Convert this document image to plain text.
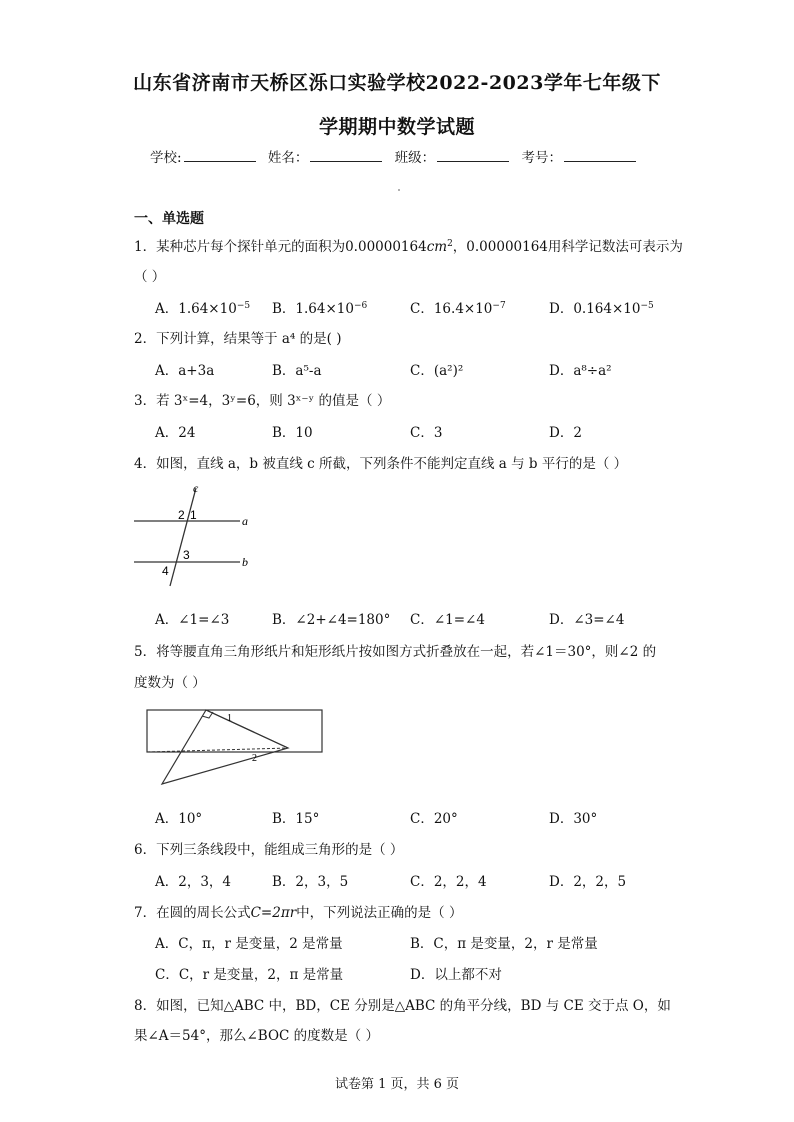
山东省济南市天桥区泺口实验学校2022-2023学年七年级下
学期期中数学试题
学校:	姓名：	班级：	考号：
一、单选题
1．某种芯片每个探针单元的面积为$0.00000164cm^2$，0.00000164用科学记数法可表示为
（ ）
A．$1.64\times 10^{-5}$ B．$1.64\times 10^{-6}$	C．$16.4\times 10^{-7}$	D．$0.164\times 10^{-5}$
2．下列计算，结果等于 a⁴ 的是( )
A．a+3a	B．a⁵-a	C．(a²)²	D．a⁸÷a²
3．若 3ˣ=4，3ʸ=6，则 3ˣ⁻ʸ 的值是（ ）
A．24	B．10	C．3	D．2
4．如图，直线 a，b 被直线 c 所截，下列条件不能判定直线 a 与 b 平行的是（ ）
c
a
b
2 1
3
4
A．∠1=∠3	B．∠2+∠4=180° C．∠1=∠4	D．∠3=∠4
5．将等腰直角三角形纸片和矩形纸片按如图方式折叠放在一起，若∠1＝30°，则∠2 的
度数为（ ）
1
2
A．10°	B．15°	C．20°	D．30°
6．下列三条线段中，能组成三角形的是（ ）
A．2，3，4	B．2，3，5	C．2，2，4	D．2，2，5
7．在圆的周长公式C=2πr中，下列说法正确的是（ ）
A．C，π，r 是变量，2 是常量	B．C，π 是变量，2，r 是常量
C．C，r 是变量，2，π 是常量	D．以上都不对
8．如图，已知△ABC 中，BD，CE 分别是△ABC 的角平分线，BD 与 CE 交于点 O，如
果∠A＝54°，那么∠BOC 的度数是（ ）
试卷第 1 页，共 6 页
